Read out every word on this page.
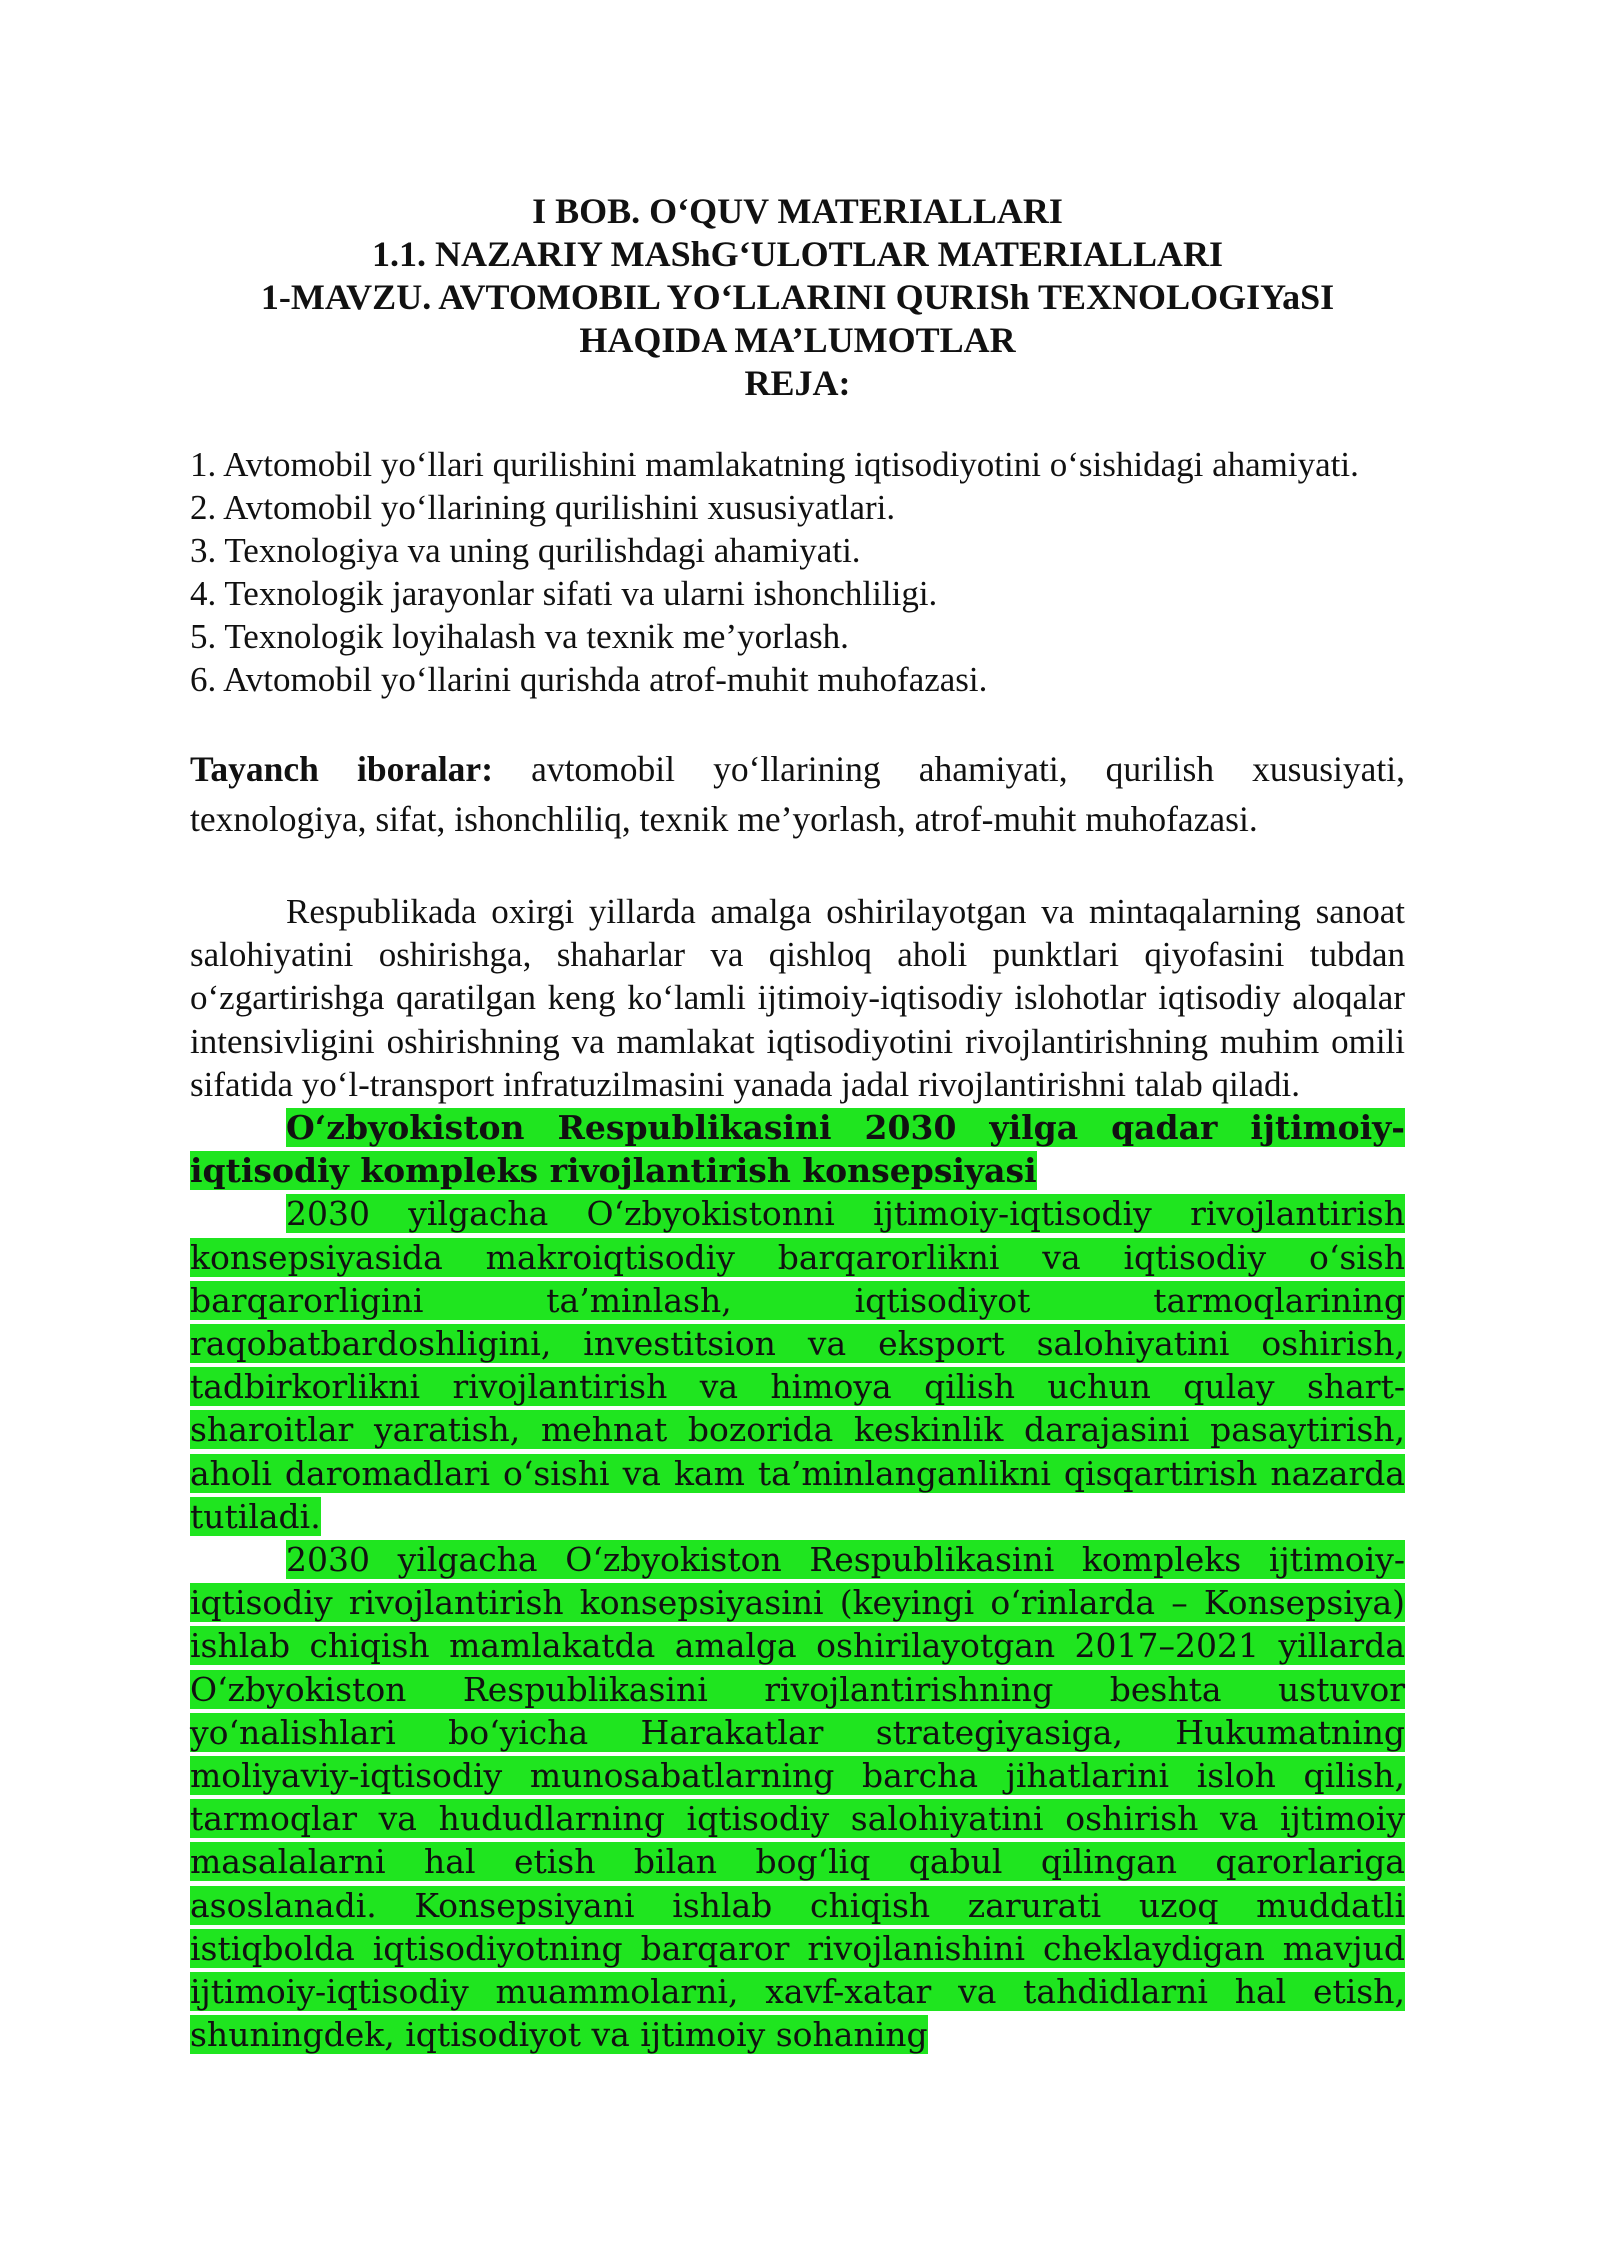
I BOB. O‘QUV MATERIALLARI
1.1. NAZARIY MAShG‘ULOTLAR MATERIALLARI
1-MAVZU. AVTOMOBIL YO‘LLARINI QURISh TEXNOLOGIYaSI
HAQIDA MA’LUMOTLAR
REJA:
1. Avtomobil yo‘llari qurilishini mamlakatning iqtisodiyotini o‘sishidagi ahamiyati.
2. Avtomobil yo‘llarining qurilishini xususiyatlari.
3. Texnologiya va uning qurilishdagi ahamiyati.
4. Texnologik jarayonlar sifati va ularni ishonchliligi.
5. Texnologik loyihalash va texnik me’yorlash.
6. Avtomobil yo‘llarini qurishda atrof-muhit muhofazasi.
Tayanch iboralar: avtomobil yo‘llarining ahamiyati, qurilish xususiyati, texnologiya, sifat, ishonchliliq, texnik me’yorlash, atrof-muhit muhofazasi.

Respublikada oxirgi yillarda amalga oshirilayotgan va mintaqalarning sanoat salohiyatini oshirishga, shaharlar va qishloq aholi punktlari qiyofasini tubdan o‘zgartirishga qaratilgan keng ko‘lamli ijtimoiy-iqtisodiy islohotlar iqtisodiy aloqalar intensivligini oshirishning va mamlakat iqtisodiyotini rivojlantirishning muhim omili sifatida yo‘l-transport infratuzilmasini yanada jadal rivojlantirishni talab qiladi.

O‘zbyokiston Respublikasini 2030 yilga qadar ijtimoiy-iqtisodiy kompleks rivojlantirish konsepsiyasi

2030 yilgacha O‘zbyokistonni ijtimoiy-iqtisodiy rivojlantirish konsepsiyasida makroiqtisodiy barqarorlikni va iqtisodiy o‘sish barqarorligini ta’minlash, iqtisodiyot tarmoqlarining raqobatbardoshligini, investitsion va eksport salohiyatini oshirish, tadbirkorlikni rivojlantirish va himoya qilish uchun qulay shart-sharoitlar yaratish, mehnat bozorida keskinlik darajasini pasaytirish, aholi daromadlari o‘sishi va kam ta’minlanganlikni qisqartirish nazarda tutiladi.

2030 yilgacha O‘zbyokiston Respublikasini kompleks ijtimoiy-iqtisodiy rivojlantirish konsepsiyasini (keyingi o‘rinlarda – Konsepsiya) ishlab chiqish mamlakatda amalga oshirilayotgan 2017–2021 yillarda O‘zbyokiston Respublikasini rivojlantirishning beshta ustuvor yo‘nalishlari bo‘yicha Harakatlar strategiyasiga, Hukumatning moliyaviy-iqtisodiy munosabatlarning barcha jihatlarini isloh qilish, tarmoqlar va hududlarning iqtisodiy salohiyatini oshirish va ijtimoiy masalalarni hal etish bilan bog‘liq qabul qilingan qarorlariga asoslanadi. Konsepsiyani ishlab chiqish zarurati uzoq muddatli istiqbolda iqtisodiyotning barqaror rivojlanishini cheklaydigan mavjud ijtimoiy-iqtisodiy muammolarni, xavf-xatar va tahdidlarni hal etish, shuningdek, iqtisodiyot va ijtimoiy sohaning
